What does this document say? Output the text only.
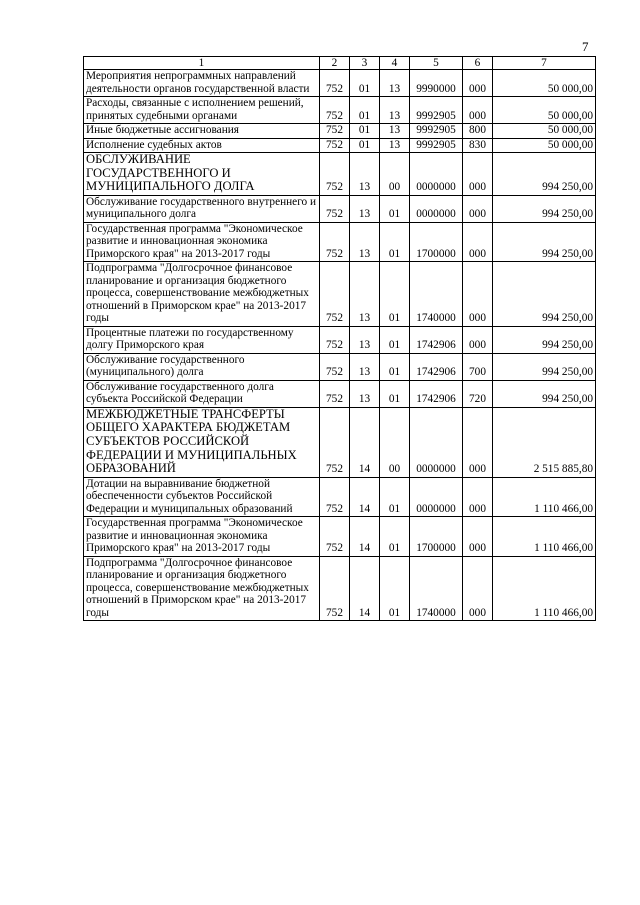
7
1	2	3	4	5	6	7
Мероприятия непрограммных направлений деятельности органов государственной власти	752	01	13	9990000	000	50 000,00
Расходы, связанные с исполнением решений, принятых судебными органами	752	01	13	9992905	000	50 000,00
Иные бюджетные ассигнования	752	01	13	9992905	800	50 000,00
Исполнение судебных актов	752	01	13	9992905	830	50 000,00
ОБСЛУЖИВАНИЕ ГОСУДАРСТВЕННОГО И МУНИЦИПАЛЬНОГО ДОЛГА	752	13	00	0000000	000	994 250,00
Обслуживание государственного внутреннего и муниципального долга	752	13	01	0000000	000	994 250,00
Государственная программа "Экономическое развитие и инновационная экономика Приморского края" на 2013-2017 годы	752	13	01	1700000	000	994 250,00
Подпрограмма "Долгосрочное финансовое планирование и организация бюджетного процесса, совершенствование межбюджетных отношений в Приморском крае" на 2013-2017 годы	752	13	01	1740000	000	994 250,00
Процентные платежи по государственному долгу Приморского края	752	13	01	1742906	000	994 250,00
Обслуживание государственного (муниципального) долга	752	13	01	1742906	700	994 250,00
Обслуживание государственного долга субъекта Российской Федерации	752	13	01	1742906	720	994 250,00
МЕЖБЮДЖЕТНЫЕ ТРАНСФЕРТЫ ОБЩЕГО ХАРАКТЕРА БЮДЖЕТАМ СУБЪЕКТОВ РОССИЙСКОЙ ФЕДЕРАЦИИ И МУНИЦИПАЛЬНЫХ ОБРАЗОВАНИЙ	752	14	00	0000000	000	2 515 885,80
Дотации на выравнивание бюджетной обеспеченности субъектов Российской Федерации и муниципальных образований	752	14	01	0000000	000	1 110 466,00
Государственная программа "Экономическое развитие и инновационная экономика Приморского края" на 2013-2017 годы	752	14	01	1700000	000	1 110 466,00
Подпрограмма "Долгосрочное финансовое планирование и организация бюджетного процесса, совершенствование межбюджетных отношений в Приморском крае" на 2013-2017 годы	752	14	01	1740000	000	1 110 466,00
